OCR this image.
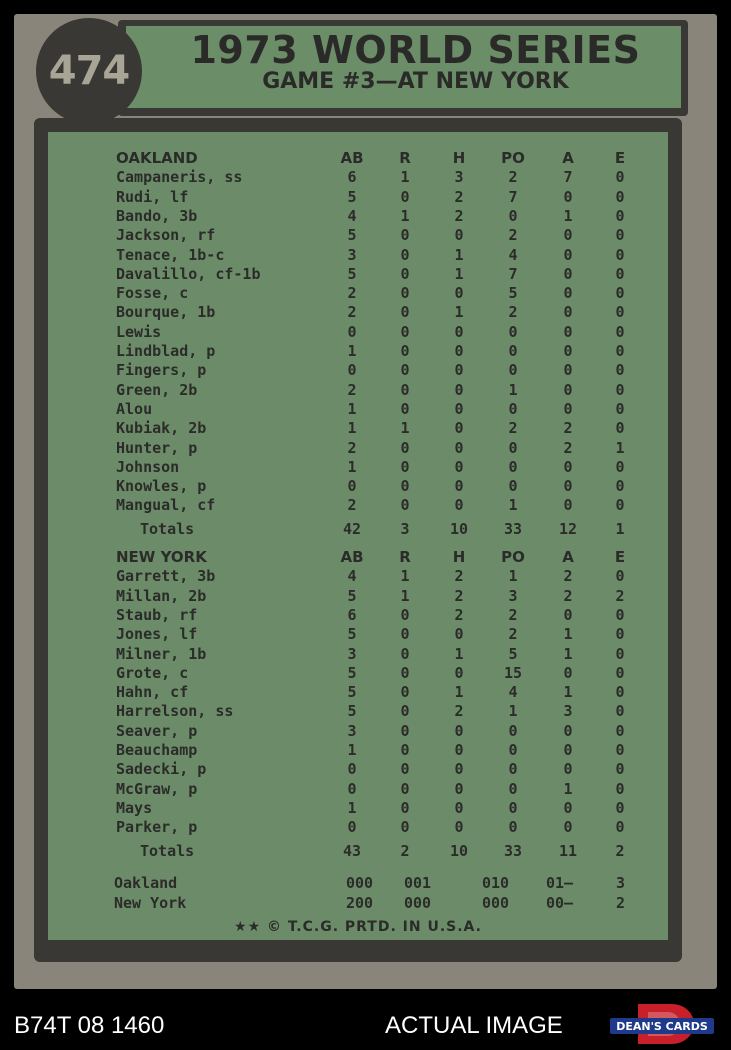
1973 WORLD SERIES
GAME #3—AT NEW YORK
474
OAKLAND	AB	R	H	PO	A	E
Campaneris, ss	6	1	3	2	7	0
Rudi, lf	5	0	2	7	0	0
Bando, 3b	4	1	2	0	1	0
Jackson, rf	5	0	0	2	0	0
Tenace, 1b-c	3	0	1	4	0	0
Davalillo, cf-1b	5	0	1	7	0	0
Fosse, c	2	0	0	5	0	0
Bourque, 1b	2	0	1	2	0	0
Lewis	0	0	0	0	0	0
Lindblad, p	1	0	0	0	0	0
Fingers, p	0	0	0	0	0	0
Green, 2b	2	0	0	1	0	0
Alou	1	0	0	0	0	0
Kubiak, 2b	1	1	0	2	2	0
Hunter, p	2	0	0	0	2	1
Johnson	1	0	0	0	0	0
Knowles, p	0	0	0	0	0	0
Mangual, cf	2	0	0	1	0	0
Totals	42	3	10	33	12	1
NEW YORK	AB	R	H	PO	A	E
Garrett, 3b	4	1	2	1	2	0
Millan, 2b	5	1	2	3	2	2
Staub, rf	6	0	2	2	0	0
Jones, lf	5	0	0	2	1	0
Milner, 1b	3	0	1	5	1	0
Grote, c	5	0	0	15	0	0
Hahn, cf	5	0	1	4	1	0
Harrelson, ss	5	0	2	1	3	0
Seaver, p	3	0	0	0	0	0
Beauchamp	1	0	0	0	0	0
Sadecki, p	0	0	0	0	0	0
McGraw, p	0	0	0	0	1	0
Mays	1	0	0	0	0	0
Parker, p	0	0	0	0	0	0
Totals	43	2	10	33	11	2
Oakland	000 001	010 01—	3
New York	200 000	000 00—	2
★★ © T.C.G. PRTD. IN U.S.A.
B74T 08 1460	ACTUAL IMAGE	DEAN'S CARDS
